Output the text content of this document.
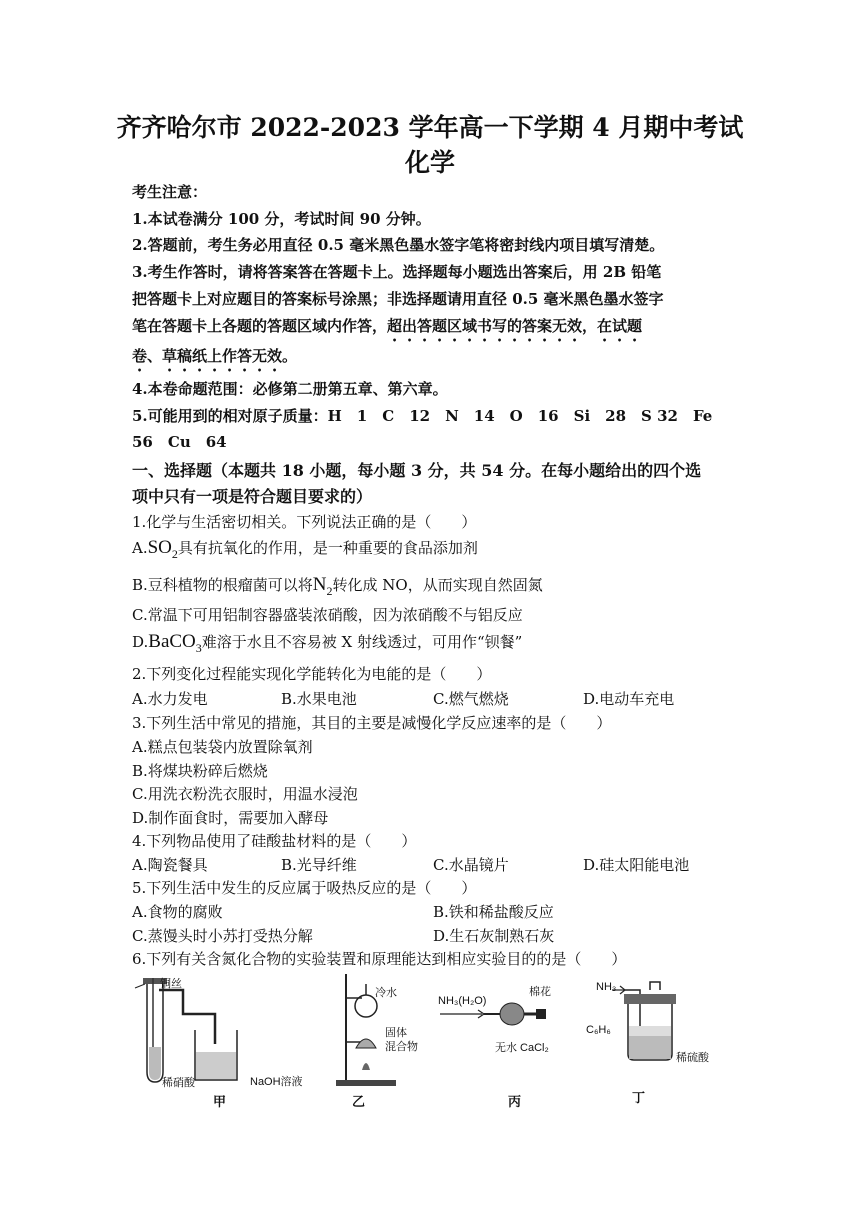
齐齐哈尔市 2022-2023 学年高一下学期 4 月期中考试
化学
考生注意：
1.本试卷满分 100 分，考试时间 90 分钟。
2.答题前，考生务必用直径 0.5 毫米黑色墨水签字笔将密封线内项目填写清楚。
3.考生作答时，请将答案答在答题卡上。选择题每小题选出答案后，用 2B 铅笔
把答题卡上对应题目的答案标号涂黑；非选择题请用直径 0.5 毫米黑色墨水签字
笔在答题卡上各题的答题区域内作答，超出答题区域书写的答案无效，在试题
卷、草稿纸上作答无效。
4.本卷命题范围：必修第二册第五章、第六章。
5.可能用到的相对原子质量：H　1　C　12　N　14　O　16　Si　28　S 32　Fe
56　Cu　64
一、选择题（本题共 18 小题，每小题 3 分，共 54 分。在每小题给出的四个选
项中只有一项是符合题目要求的）
1.化学与生活密切相关。下列说法正确的是（　　）
$A.SO_2$具有抗氧化的作用，是一种重要的食品添加剂
B.豆科植物的根瘤菌可以将$N_2$转化成 NO，从而实现自然固氮
C.常温下可用铝制容器盛装浓硝酸，因为浓硝酸不与铝反应
D.BaCO$_3$难溶于水且不容易被 X 射线透过，可用作“钡餐”
2.下列变化过程能实现化学能转化为电能的是（　　）
A.水力发电	B.水果电池	C.燃气燃烧	D.电动车充电
3.下列生活中常见的措施，其目的主要是减慢化学反应速率的是（　　）
A.糕点包装袋内放置除氧剂
B.将煤块粉碎后燃烧
C.用洗衣粉洗衣服时，用温水浸泡
D.制作面食时，需要加入酵母
4.下列物品使用了硅酸盐材料的是（　　）
A.陶瓷餐具	B.光导纤维	C.水晶镜片	D.硅太阳能电池
5.下列生活中发生的反应属于吸热反应的是（　　）
A.食物的腐败	B.铁和稀盐酸反应
C.蒸馒头时小苏打受热分解	D.生石灰制熟石灰
6.下列有关含氮化合物的实验装置和原理能达到相应实验目的的是（　　）
铜丝
稀硝酸	NaOH溶液
甲
冷水
固体
混合物
乙
NH₃(H₂O)
棉花
无水 CaCl₂
丙
NH₃
C₆H₆
稀硫酸
丁
